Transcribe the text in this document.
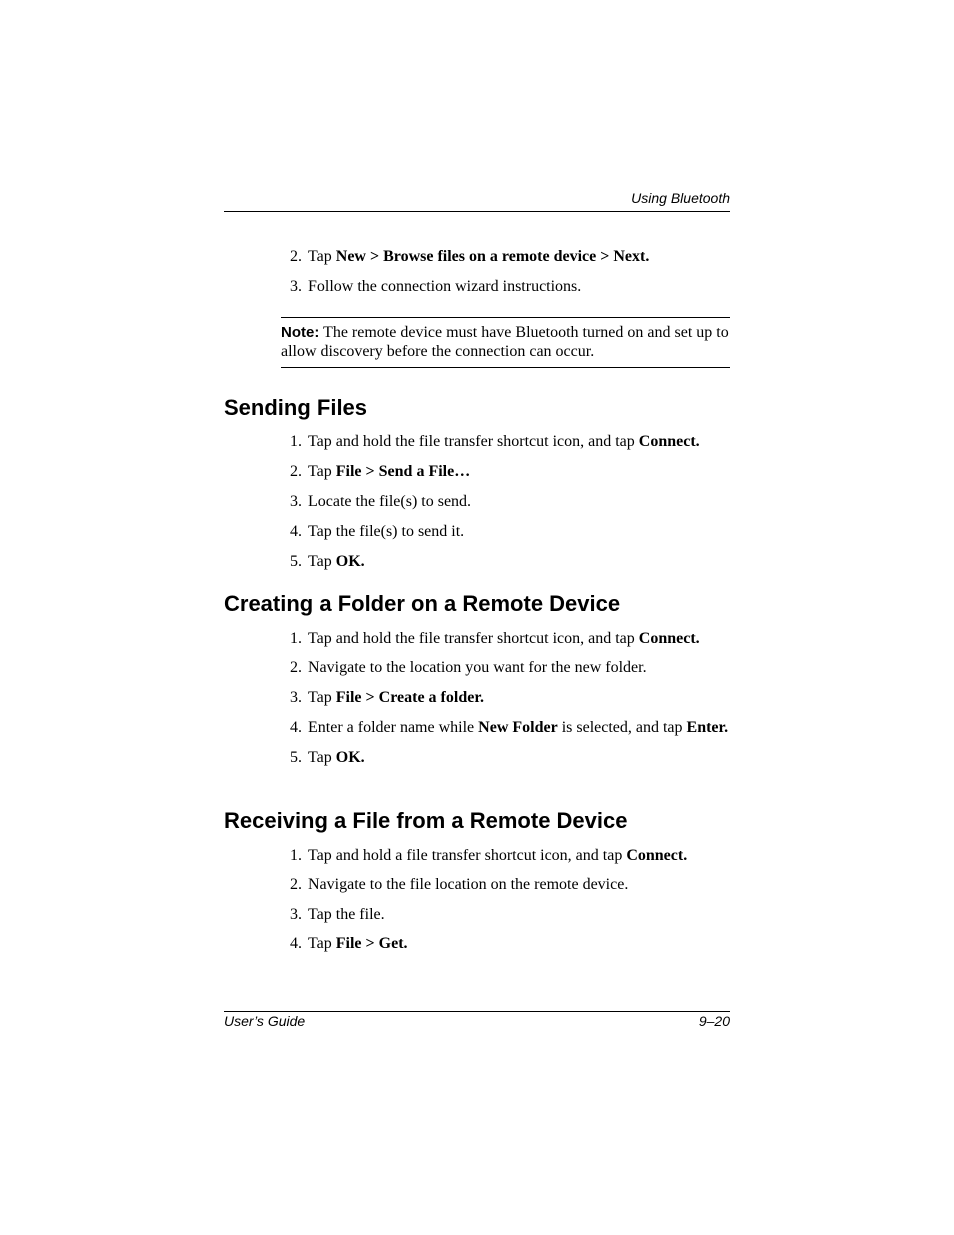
Using Bluetooth
2. Tap New > Browse files on a remote device > Next.
3. Follow the connection wizard instructions.
Note: The remote device must have Bluetooth turned on and set up to allow discovery before the connection can occur.
Sending Files
1. Tap and hold the file transfer shortcut icon, and tap Connect.
2. Tap File > Send a File…
3. Locate the file(s) to send.
4. Tap the file(s) to send it.
5. Tap OK.
Creating a Folder on a Remote Device
1. Tap and hold the file transfer shortcut icon, and tap Connect.
2. Navigate to the location you want for the new folder.
3. Tap File > Create a folder.
4. Enter a folder name while New Folder is selected, and tap Enter.
5. Tap OK.
Receiving a File from a Remote Device
1. Tap and hold a file transfer shortcut icon, and tap Connect.
2. Navigate to the file location on the remote device.
3. Tap the file.
4. Tap File > Get.
User’s Guide	9–20
